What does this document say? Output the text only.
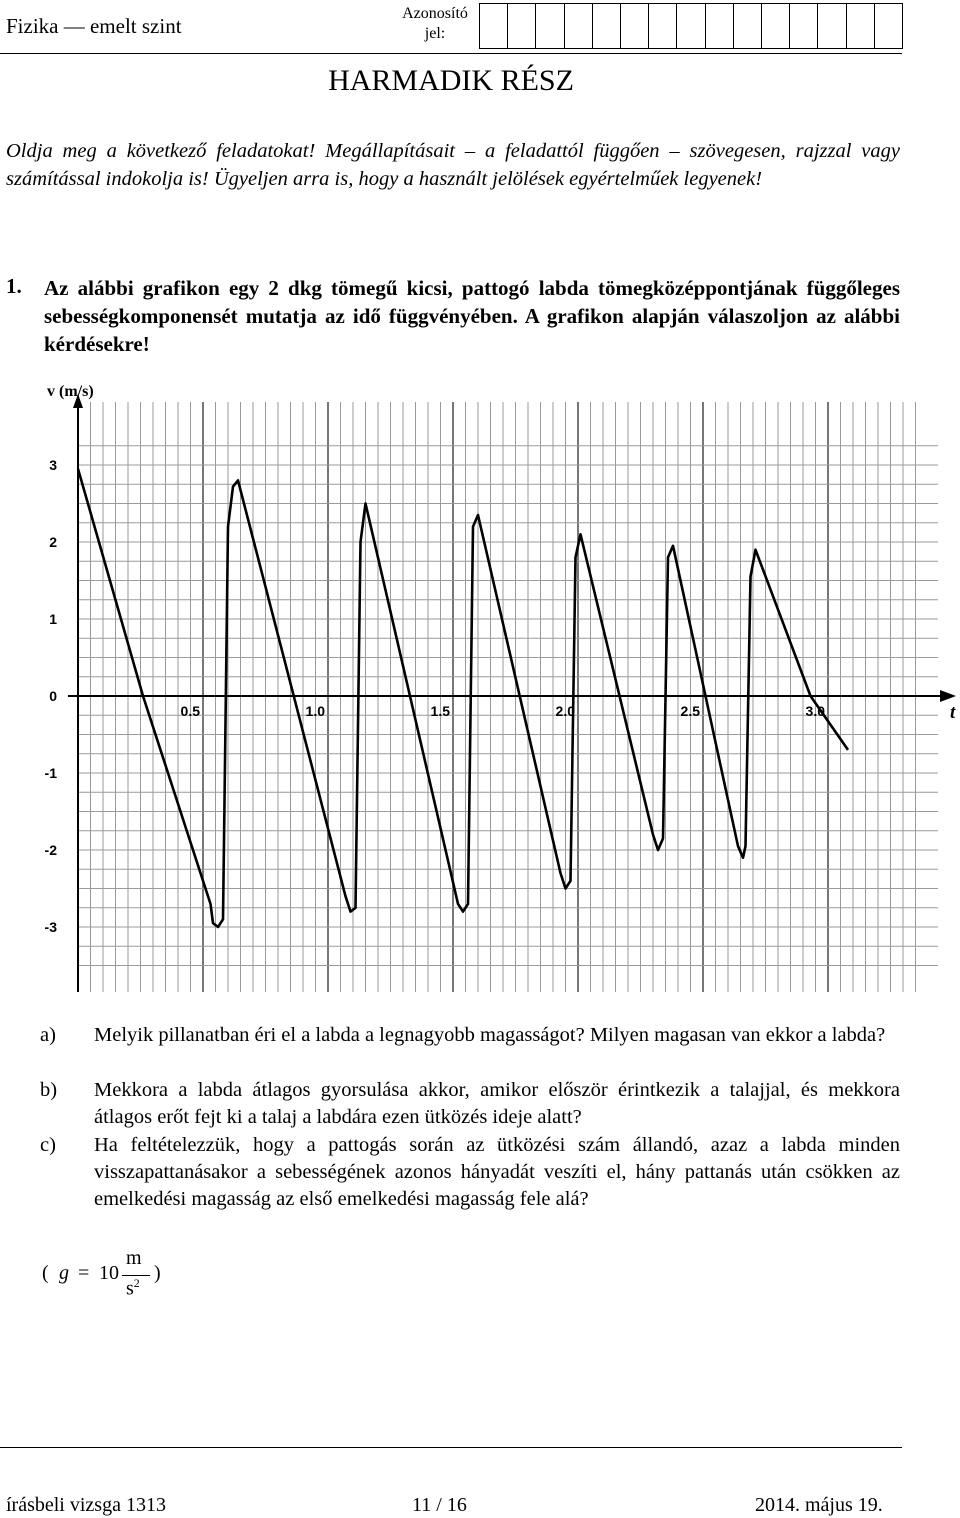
Fizika — emelt szint
Azonosító
jel:
HARMADIK RÉSZ
Oldja meg a következő feladatokat! Megállapításait – a feladattól függően – szövegesen, rajzzal vagy számítással indokolja is! Ügyeljen arra is, hogy a használt jelölések egyértelműek legyenek!
1. Az alábbi grafikon egy 2 dkg tömegű kicsi, pattogó labda tömegközéppontjának függőleges sebességkomponensét mutatja az idő függvényében. A grafikon alapján válaszoljon az alábbi kérdésekre!
3
2
1
0
-1
-2
-3
0.5	1.0	1.5	2.0	2.5	3.0
v (m/s)
t
a) Melyik pillanatban éri el a labda a legnagyobb magasságot? Milyen magasan van ekkor a labda?
b) Mekkora a labda átlagos gyorsulása akkor, amikor először érintkezik a talajjal, és mekkora átlagos erőt fejt ki a talaj a labdára ezen ütközés ideje alatt?
c) Ha feltételezzük, hogy a pattogás során az ütközési szám állandó, azaz a labda minden visszapattanásakor a sebességének azonos hányadát veszíti el, hány pattanás után csökken az emelkedési magasság az első emelkedési magasság fele alá?
( g = 10
m
$s^2$ )
írásbeli vizsga 1313	11 / 16	2014. május 19.
